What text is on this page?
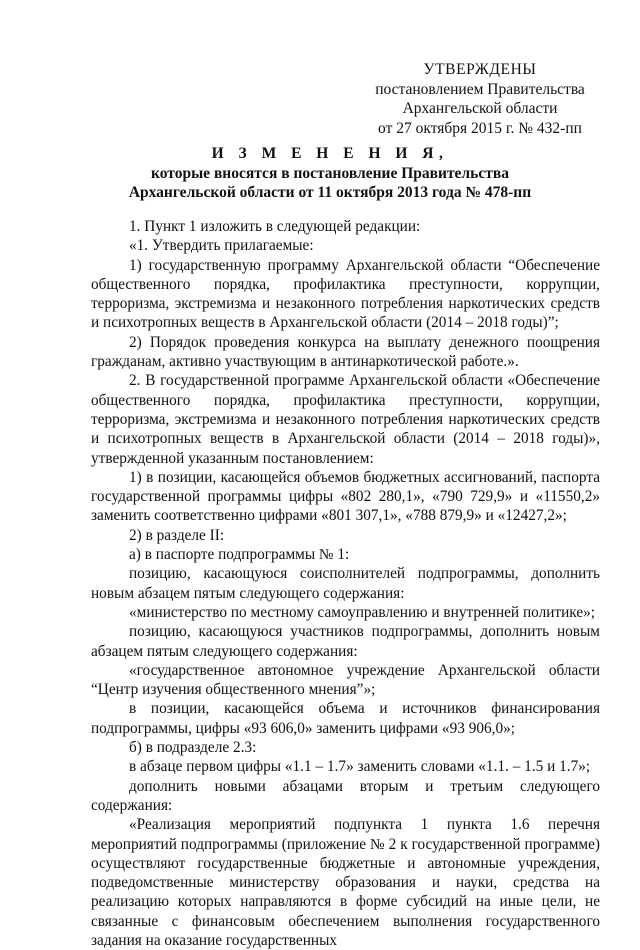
УТВЕРЖДЕНЫ
постановлением Правительства
Архангельской области
от 27 октября 2015 г. № 432-пп
И З М Е Н Е Н И Я,
которые вносятся в постановление Правительства
Архангельской области от 11 октября 2013 года № 478-пп

1. Пункт 1 изложить в следующей редакции:

«1. Утвердить прилагаемые:

1) государственную программу Архангельской области “Обеспечение общественного порядка, профилактика преступности, коррупции, терроризма, экстремизма и незаконного потребления наркотических средств и психотропных веществ в Архангельской области (2014 – 2018 годы)”;

2) Порядок проведения конкурса на выплату денежного поощрения гражданам, активно участвующим в антинаркотической работе.».

2. В государственной программе Архангельской области «Обеспечение общественного порядка, профилактика преступности, коррупции, терроризма, экстремизма и незаконного потребления наркотических средств и психотропных веществ в Архангельской области (2014 – 2018 годы)», утвержденной указанным постановлением:

1) в позиции, касающейся объемов бюджетных ассигнований, паспорта государственной программы цифры «802 280,1», «790 729,9» и «11550,2» заменить соответственно цифрами «801 307,1», «788 879,9» и «12427,2»;

2) в разделе II:

а) в паспорте подпрограммы № 1:

позицию, касающуюся соисполнителей подпрограммы, дополнить новым абзацем пятым следующего содержания:

«министерство по местному самоуправлению и внутренней политике»;

позицию, касающуюся участников подпрограммы, дополнить новым абзацем пятым следующего содержания:

«государственное автономное учреждение Архангельской области “Центр изучения общественного мнения”»;

в позиции, касающейся объема и источников финансирования подпрограммы, цифры «93 606,0» заменить цифрами «93 906,0»;

б) в подразделе 2.3:

в абзаце первом цифры «1.1 – 1.7» заменить словами «1.1. – 1.5 и 1.7»;

дополнить новыми абзацами вторым и третьим следующего содержания:

«Реализация мероприятий подпункта 1 пункта 1.6 перечня мероприятий подпрограммы (приложение № 2 к государственной программе) осуществляют государственные бюджетные и автономные учреждения, подведомственные министерству образования и науки, средства на реализацию которых направляются в форме субсидий на иные цели, не связанные с финансовым обеспечением выполнения государственного задания на оказание государственных
